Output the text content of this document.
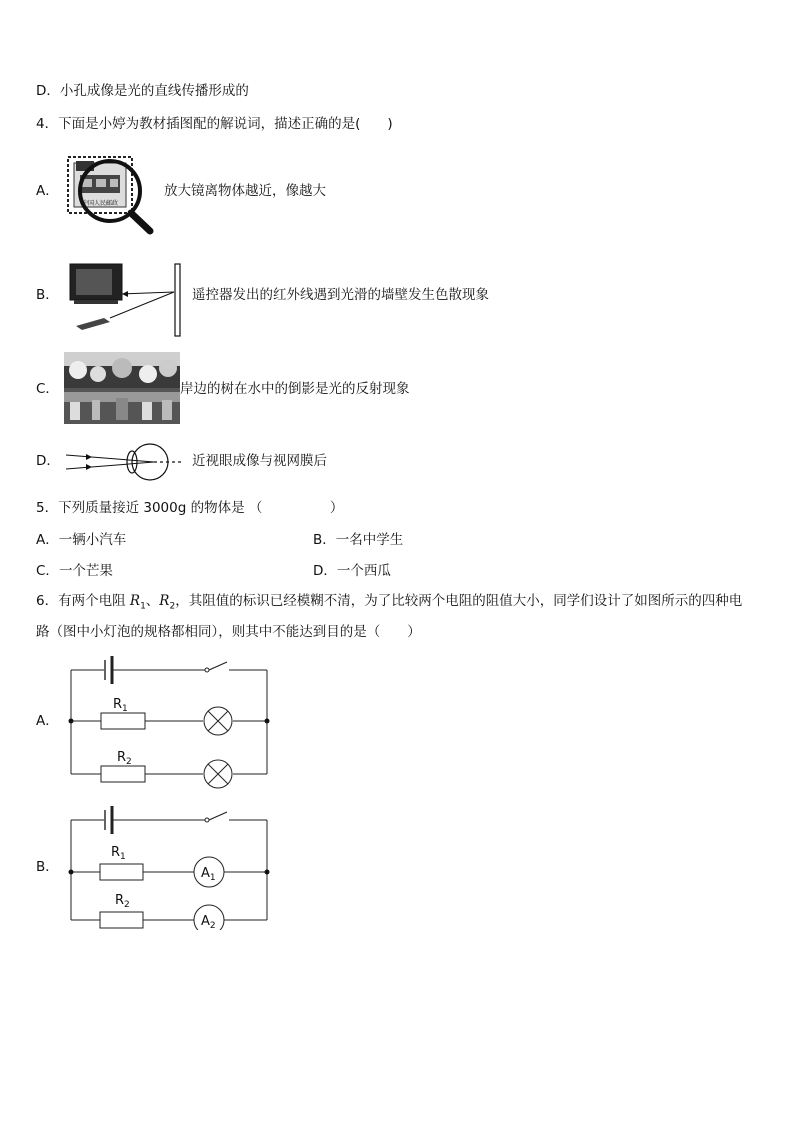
D．小孔成像是光的直线传播形成的
4．下面是小婷为教材插图配的解说词，描述正确的是(　　)
A．
中国人民邮政
放大镜离物体越近，像越大
B．	遥控器发出的红外线遇到光滑的墙壁发生色散现象
C．	岸边的树在水中的倒影是光的反射现象
D．	近视眼成像与视网膜后
5．下列质量接近 3000g 的物体是 （　　　　　）
A．一辆小汽车	B．一名中学生
C．一个芒果	D．一个西瓜
6．有两个电阻 $R_1$、$R_2$，其阻值的标识已经模糊不清，为了比较两个电阻的阻值大小，同学们设计了如图所示的四种电
路（图中小灯泡的规格都相同），则其中不能达到目的是（　　）
A．
$R_1$
$R_2$
B．
$R_1$
$R_2$
$A_1$
$A_2$
